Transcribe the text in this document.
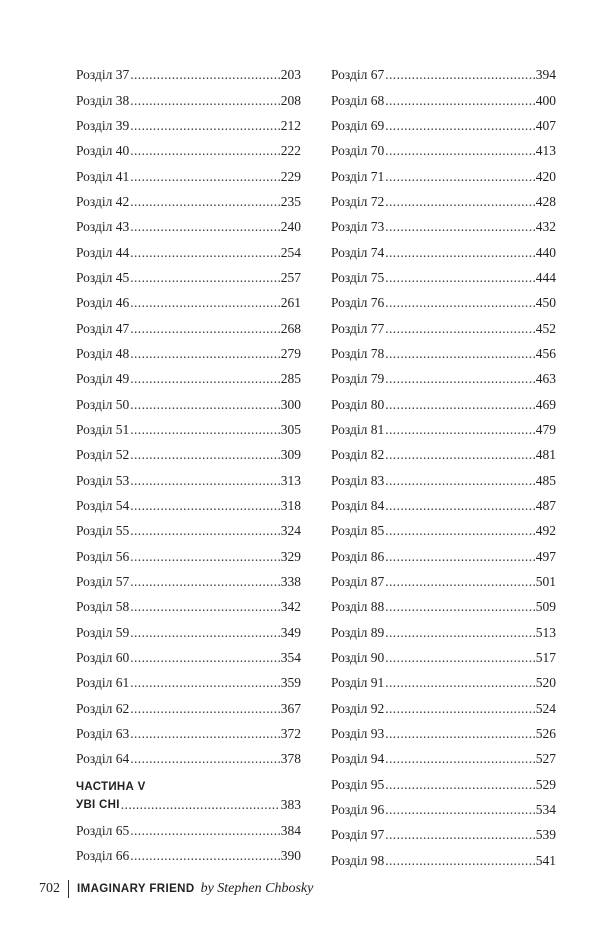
Розділ 37 .....	203
Розділ 38 .....	208
Розділ 39 .....	212
Розділ 40 .....	222
Розділ 41 .....	229
Розділ 42 .....	235
Розділ 43 .....	240
Розділ 44 .....	254
Розділ 45 .....	257
Розділ 46 .....	261
Розділ 47 .....	268
Розділ 48 .....	279
Розділ 49 .....	285
Розділ 50 .....	300
Розділ 51 .....	305
Розділ 52 .....	309
Розділ 53 .....	313
Розділ 54 .....	318
Розділ 55 .....	324
Розділ 56 .....	329
Розділ 57 .....	338
Розділ 58 .....	342
Розділ 59 .....	349
Розділ 60 .....	354
Розділ 61 .....	359
Розділ 62 .....	367
Розділ 63 .....	372
Розділ 64 .....	378
ЧАСТИНА V
УВІ СНІ .....	383
Розділ 65 .....	384
Розділ 66 .....	390
Розділ 67 .....	394
Розділ 68 .....	400
Розділ 69 .....	407
Розділ 70 .....	413
Розділ 71 .....	420
Розділ 72 .....	428
Розділ 73 .....	432
Розділ 74 .....	440
Розділ 75 .....	444
Розділ 76 .....	450
Розділ 77 .....	452
Розділ 78 .....	456
Розділ 79 .....	463
Розділ 80 .....	469
Розділ 81 .....	479
Розділ 82 .....	481
Розділ 83 .....	485
Розділ 84 .....	487
Розділ 85 .....	492
Розділ 86 .....	497
Розділ 87 .....	501
Розділ 88 .....	509
Розділ 89 .....	513
Розділ 90 .....	517
Розділ 91 .....	520
Розділ 92 .....	524
Розділ 93 .....	526
Розділ 94 .....	527
Розділ 95 .....	529
Розділ 96 .....	534
Розділ 97 .....	539
Розділ 98 .....	541
702 IMAGINARY FRIEND by Stephen Chbosky
